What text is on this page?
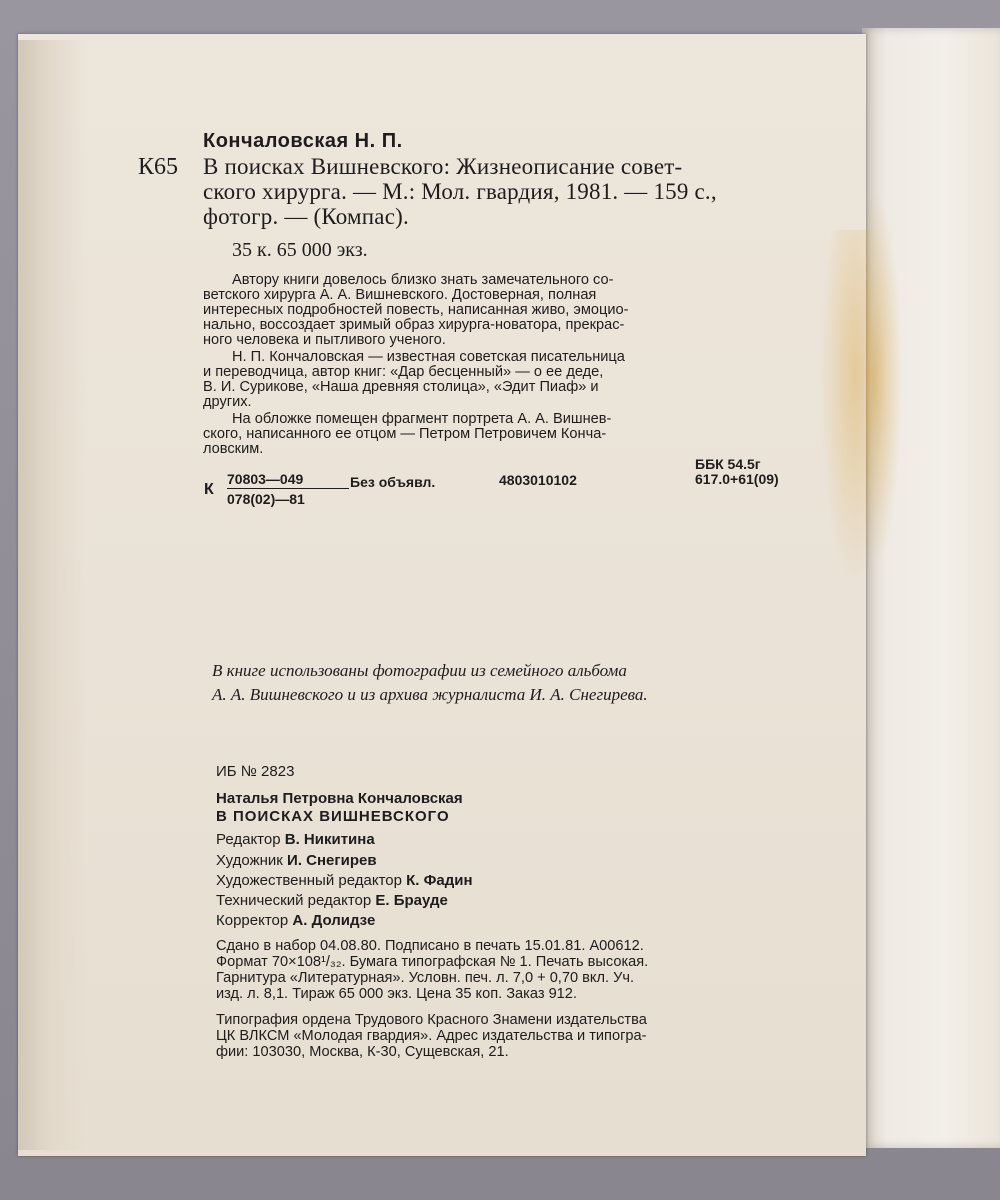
К65
Кончаловская Н. П.
В поисках Вишневского: Жизнеописание совет-
ского хирурга. — М.: Мол. гвардия, 1981. — 159 с.,
фотогр. — (Компас).
35 к. 65 000 экз.
Автору книги довелось близко знать замечательного со-
ветского хирурга А. А. Вишневского. Достоверная, полная
интересных подробностей повесть, написанная живо, эмоцио-
нально, воссоздает зримый образ хирурга-новатора, прекрас-
ного человека и пытливого ученого.
Н. П. Кончаловская — известная советская писательница
и переводчица, автор книг: «Дар бесценный» — о ее деде,
В. И. Сурикове, «Наша древняя столица», «Эдит Пиаф» и
других.
На обложке помещен фрагмент портрета А. А. Вишнев-
ского, написанного ее отцом — Петром Петровичем Конча-
ловским.
К
70803—049
078(02)—81
Без объявл.	4803010102
ББК 54.5г
617.0+61(09)
В книге использованы фотографии из семейного альбома
А. А. Вишневского и из архива журналиста И. А. Снегирева.
ИБ № 2823
Наталья Петровна Кончаловская
В ПОИСКАХ ВИШНЕВСКОГО
Редактор В. Никитина
Художник И. Снегирев
Художественный редактор К. Фадин
Технический редактор Е. Брауде
Корректор А. Долидзе
Сдано в набор 04.08.80. Подписано в печать 15.01.81. А00612.
Формат 70×108¹/₃₂. Бумага типографская № 1. Печать высокая.
Гарнитура «Литературная». Условн. печ. л. 7,0 + 0,70 вкл. Уч.
изд. л. 8,1. Тираж 65 000 экз. Цена 35 коп. Заказ 912.
Типография ордена Трудового Красного Знамени издательства
ЦК ВЛКСМ «Молодая гвардия». Адрес издательства и типогра-
фии: 103030, Москва, К-30, Сущевская, 21.
